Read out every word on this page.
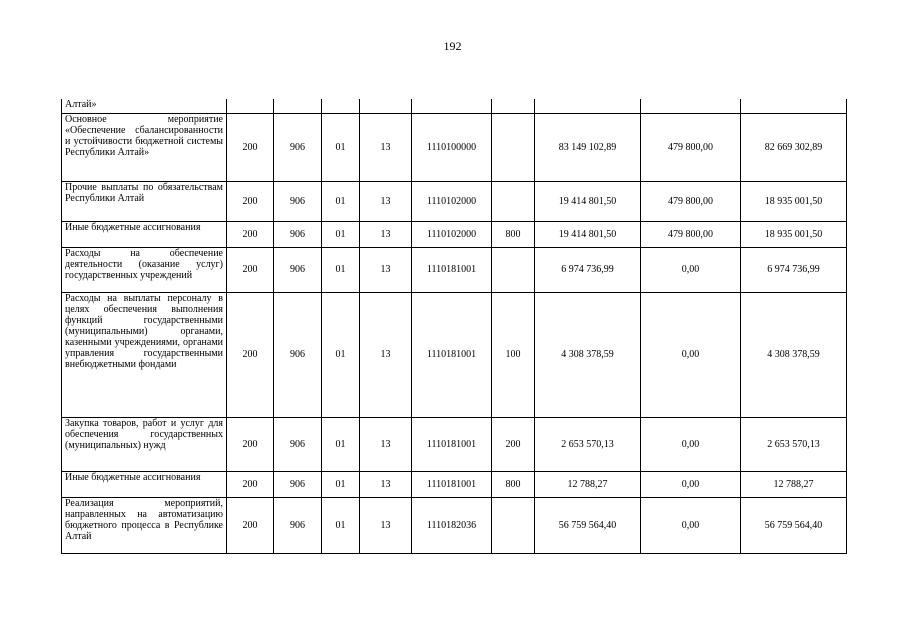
192
Алтай»									
Основное мероприятие «Обеспечение сбалансированности и устойчивости бюджетной системы Республики Алтай»	200	906	01	13	1110100000		83 149 102,89	479 800,00	82 669 302,89
Прочие выплаты по обязательствам Республики Алтай	200	906	01	13	1110102000		19 414 801,50	479 800,00	18 935 001,50
Иные бюджетные ассигнования	200	906	01	13	1110102000	800	19 414 801,50	479 800,00	18 935 001,50
Расходы на обеспечение деятельности (оказание услуг) государственных учреждений	200	906	01	13	1110181001		6 974 736,99	0,00	6 974 736,99
Расходы на выплаты персоналу в целях обеспечения выполнения функций государственными (муниципальными) органами, казенными учреждениями, органами управления государственными внебюджетными фондами	200	906	01	13	1110181001	100	4 308 378,59	0,00	4 308 378,59
Закупка товаров, работ и услуг для обеспечения государственных (муниципальных) нужд	200	906	01	13	1110181001	200	2 653 570,13	0,00	2 653 570,13
Иные бюджетные ассигнования	200	906	01	13	1110181001	800	12 788,27	0,00	12 788,27
Реализация мероприятий, направленных на автоматизацию бюджетного процесса в Республике Алтай	200	906	01	13	1110182036		56 759 564,40	0,00	56 759 564,40
